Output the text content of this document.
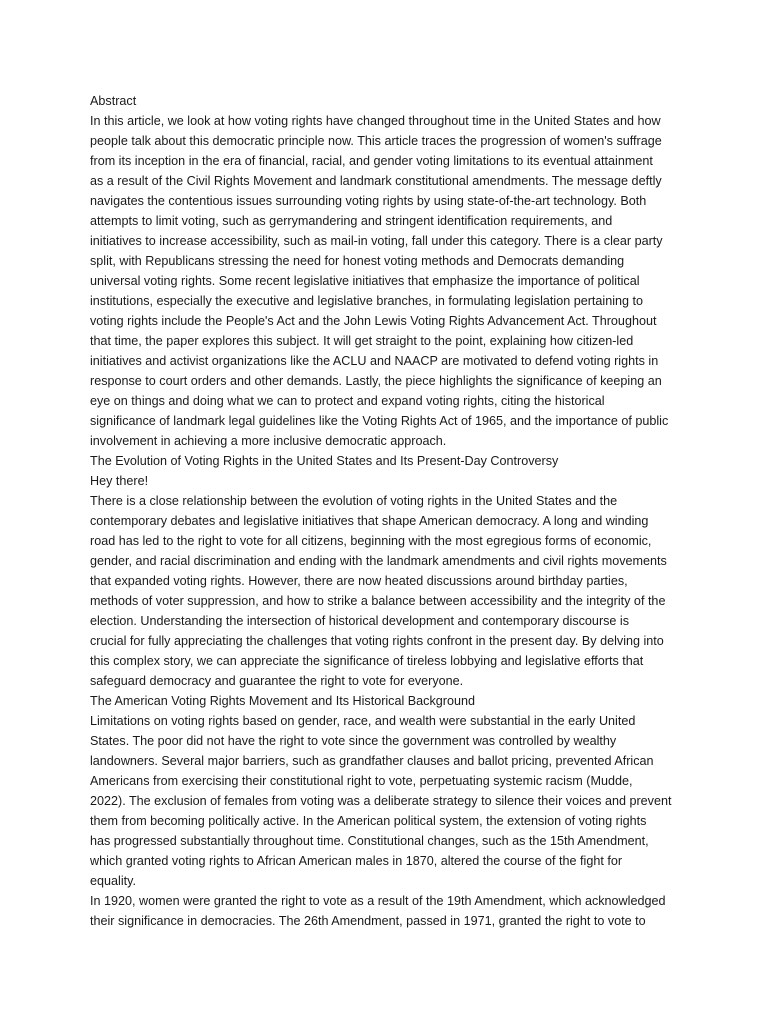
Abstract
In this article, we look at how voting rights have changed throughout time in the United States and how
people talk about this democratic principle now. This article traces the progression of women's suffrage
from its inception in the era of financial, racial, and gender voting limitations to its eventual attainment
as a result of the Civil Rights Movement and landmark constitutional amendments. The message deftly
navigates the contentious issues surrounding voting rights by using state-of-the-art technology. Both
attempts to limit voting, such as gerrymandering and stringent identification requirements, and
initiatives to increase accessibility, such as mail-in voting, fall under this category. There is a clear party
split, with Republicans stressing the need for honest voting methods and Democrats demanding
universal voting rights. Some recent legislative initiatives that emphasize the importance of political
institutions, especially the executive and legislative branches, in formulating legislation pertaining to
voting rights include the People's Act and the John Lewis Voting Rights Advancement Act. Throughout
that time, the paper explores this subject. It will get straight to the point, explaining how citizen-led
initiatives and activist organizations like the ACLU and NAACP are motivated to defend voting rights in
response to court orders and other demands. Lastly, the piece highlights the significance of keeping an
eye on things and doing what we can to protect and expand voting rights, citing the historical
significance of landmark legal guidelines like the Voting Rights Act of 1965, and the importance of public
involvement in achieving a more inclusive democratic approach.
The Evolution of Voting Rights in the United States and Its Present-Day Controversy
Hey there!
There is a close relationship between the evolution of voting rights in the United States and the
contemporary debates and legislative initiatives that shape American democracy. A long and winding
road has led to the right to vote for all citizens, beginning with the most egregious forms of economic,
gender, and racial discrimination and ending with the landmark amendments and civil rights movements
that expanded voting rights. However, there are now heated discussions around birthday parties,
methods of voter suppression, and how to strike a balance between accessibility and the integrity of the
election. Understanding the intersection of historical development and contemporary discourse is
crucial for fully appreciating the challenges that voting rights confront in the present day. By delving into
this complex story, we can appreciate the significance of tireless lobbying and legislative efforts that
safeguard democracy and guarantee the right to vote for everyone.
The American Voting Rights Movement and Its Historical Background
Limitations on voting rights based on gender, race, and wealth were substantial in the early United
States. The poor did not have the right to vote since the government was controlled by wealthy
landowners. Several major barriers, such as grandfather clauses and ballot pricing, prevented African
Americans from exercising their constitutional right to vote, perpetuating systemic racism (Mudde,
2022). The exclusion of females from voting was a deliberate strategy to silence their voices and prevent
them from becoming politically active. In the American political system, the extension of voting rights
has progressed substantially throughout time. Constitutional changes, such as the 15th Amendment,
which granted voting rights to African American males in 1870, altered the course of the fight for
equality.
In 1920, women were granted the right to vote as a result of the 19th Amendment, which acknowledged
their significance in democracies. The 26th Amendment, passed in 1971, granted the right to vote to
